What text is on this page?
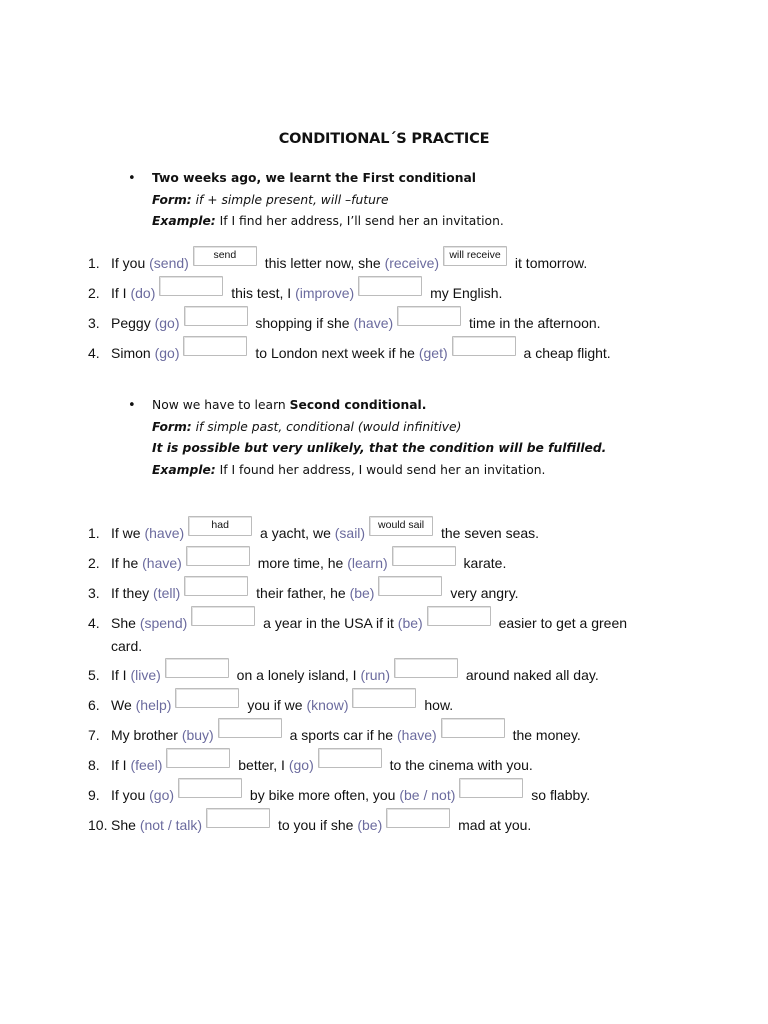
CONDITIONAL´S PRACTICE
• Two weeks ago, we learnt the First conditional
Form: if + simple present, will –future
Example: If I find her address, I’ll send her an invitation.
1. If you (send) send this letter now, she (receive) will receive it tomorrow.
2. If I (do)	this test, I (improve)	my English.
3. Peggy (go)	shopping if she (have)	time in the afternoon.
4. Simon (go)	to London next week if he (get)	a cheap flight.
• Now we have to learn Second conditional.
Form: if simple past, conditional (would infinitive)
It is possible but very unlikely, that the condition will be fulfilled.
Example: If I found her address, I would send her an invitation.
1. If we (have)	had a yacht, we (sail) would sail the seven seas.
2. If he (have)	more time, he (learn)	karate.
3. If they (tell)	their father, he (be)	very angry.
4. She (spend)	a year in the USA if it (be)	easier to get a green
card.
5. If I (live)	on a lonely island, I (run)	around naked all day.
6. We (help)	you if we (know)	how.
7. My brother (buy)	a sports car if he (have)	the money.
8. If I (feel)	better, I (go)	to the cinema with you.
9. If you (go)	by bike more often, you (be / not)	so flabby.
10. She (not / talk)	to you if she (be)	mad at you.
